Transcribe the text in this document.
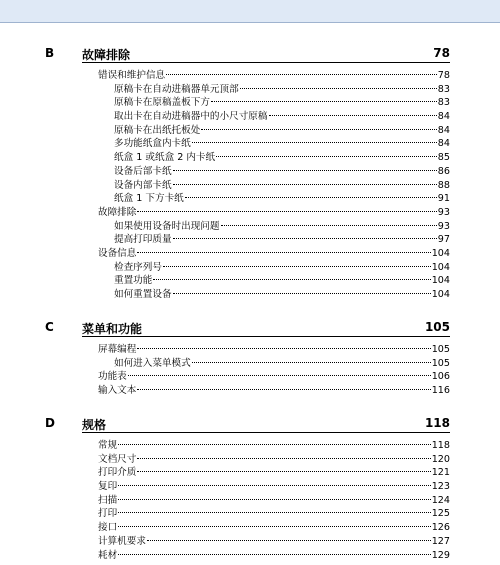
B 故障排除	78
错误和维护信息	78
原稿卡在自动进稿器单元顶部	83
原稿卡在原稿盖板下方	83
取出卡在自动进稿器中的小尺寸原稿	84
原稿卡在出纸托板处	84
多功能纸盒内卡纸	84
纸盒 1 或纸盒 2 内卡纸	85
设备后部卡纸	86
设备内部卡纸	88
纸盒 1 下方卡纸	91
故障排除	93
如果使用设备时出现问题	93
提高打印质量	97
设备信息	104
检查序列号	104
重置功能	104
如何重置设备	104
C 菜单和功能	105
屏幕编程	105
如何进入菜单模式	105
功能表	106
输入文本	116
D 规格	118
常规	118
文档尺寸	120
打印介质	121
复印	123
扫描	124
打印	125
接口	126
计算机要求	127
耗材	129
